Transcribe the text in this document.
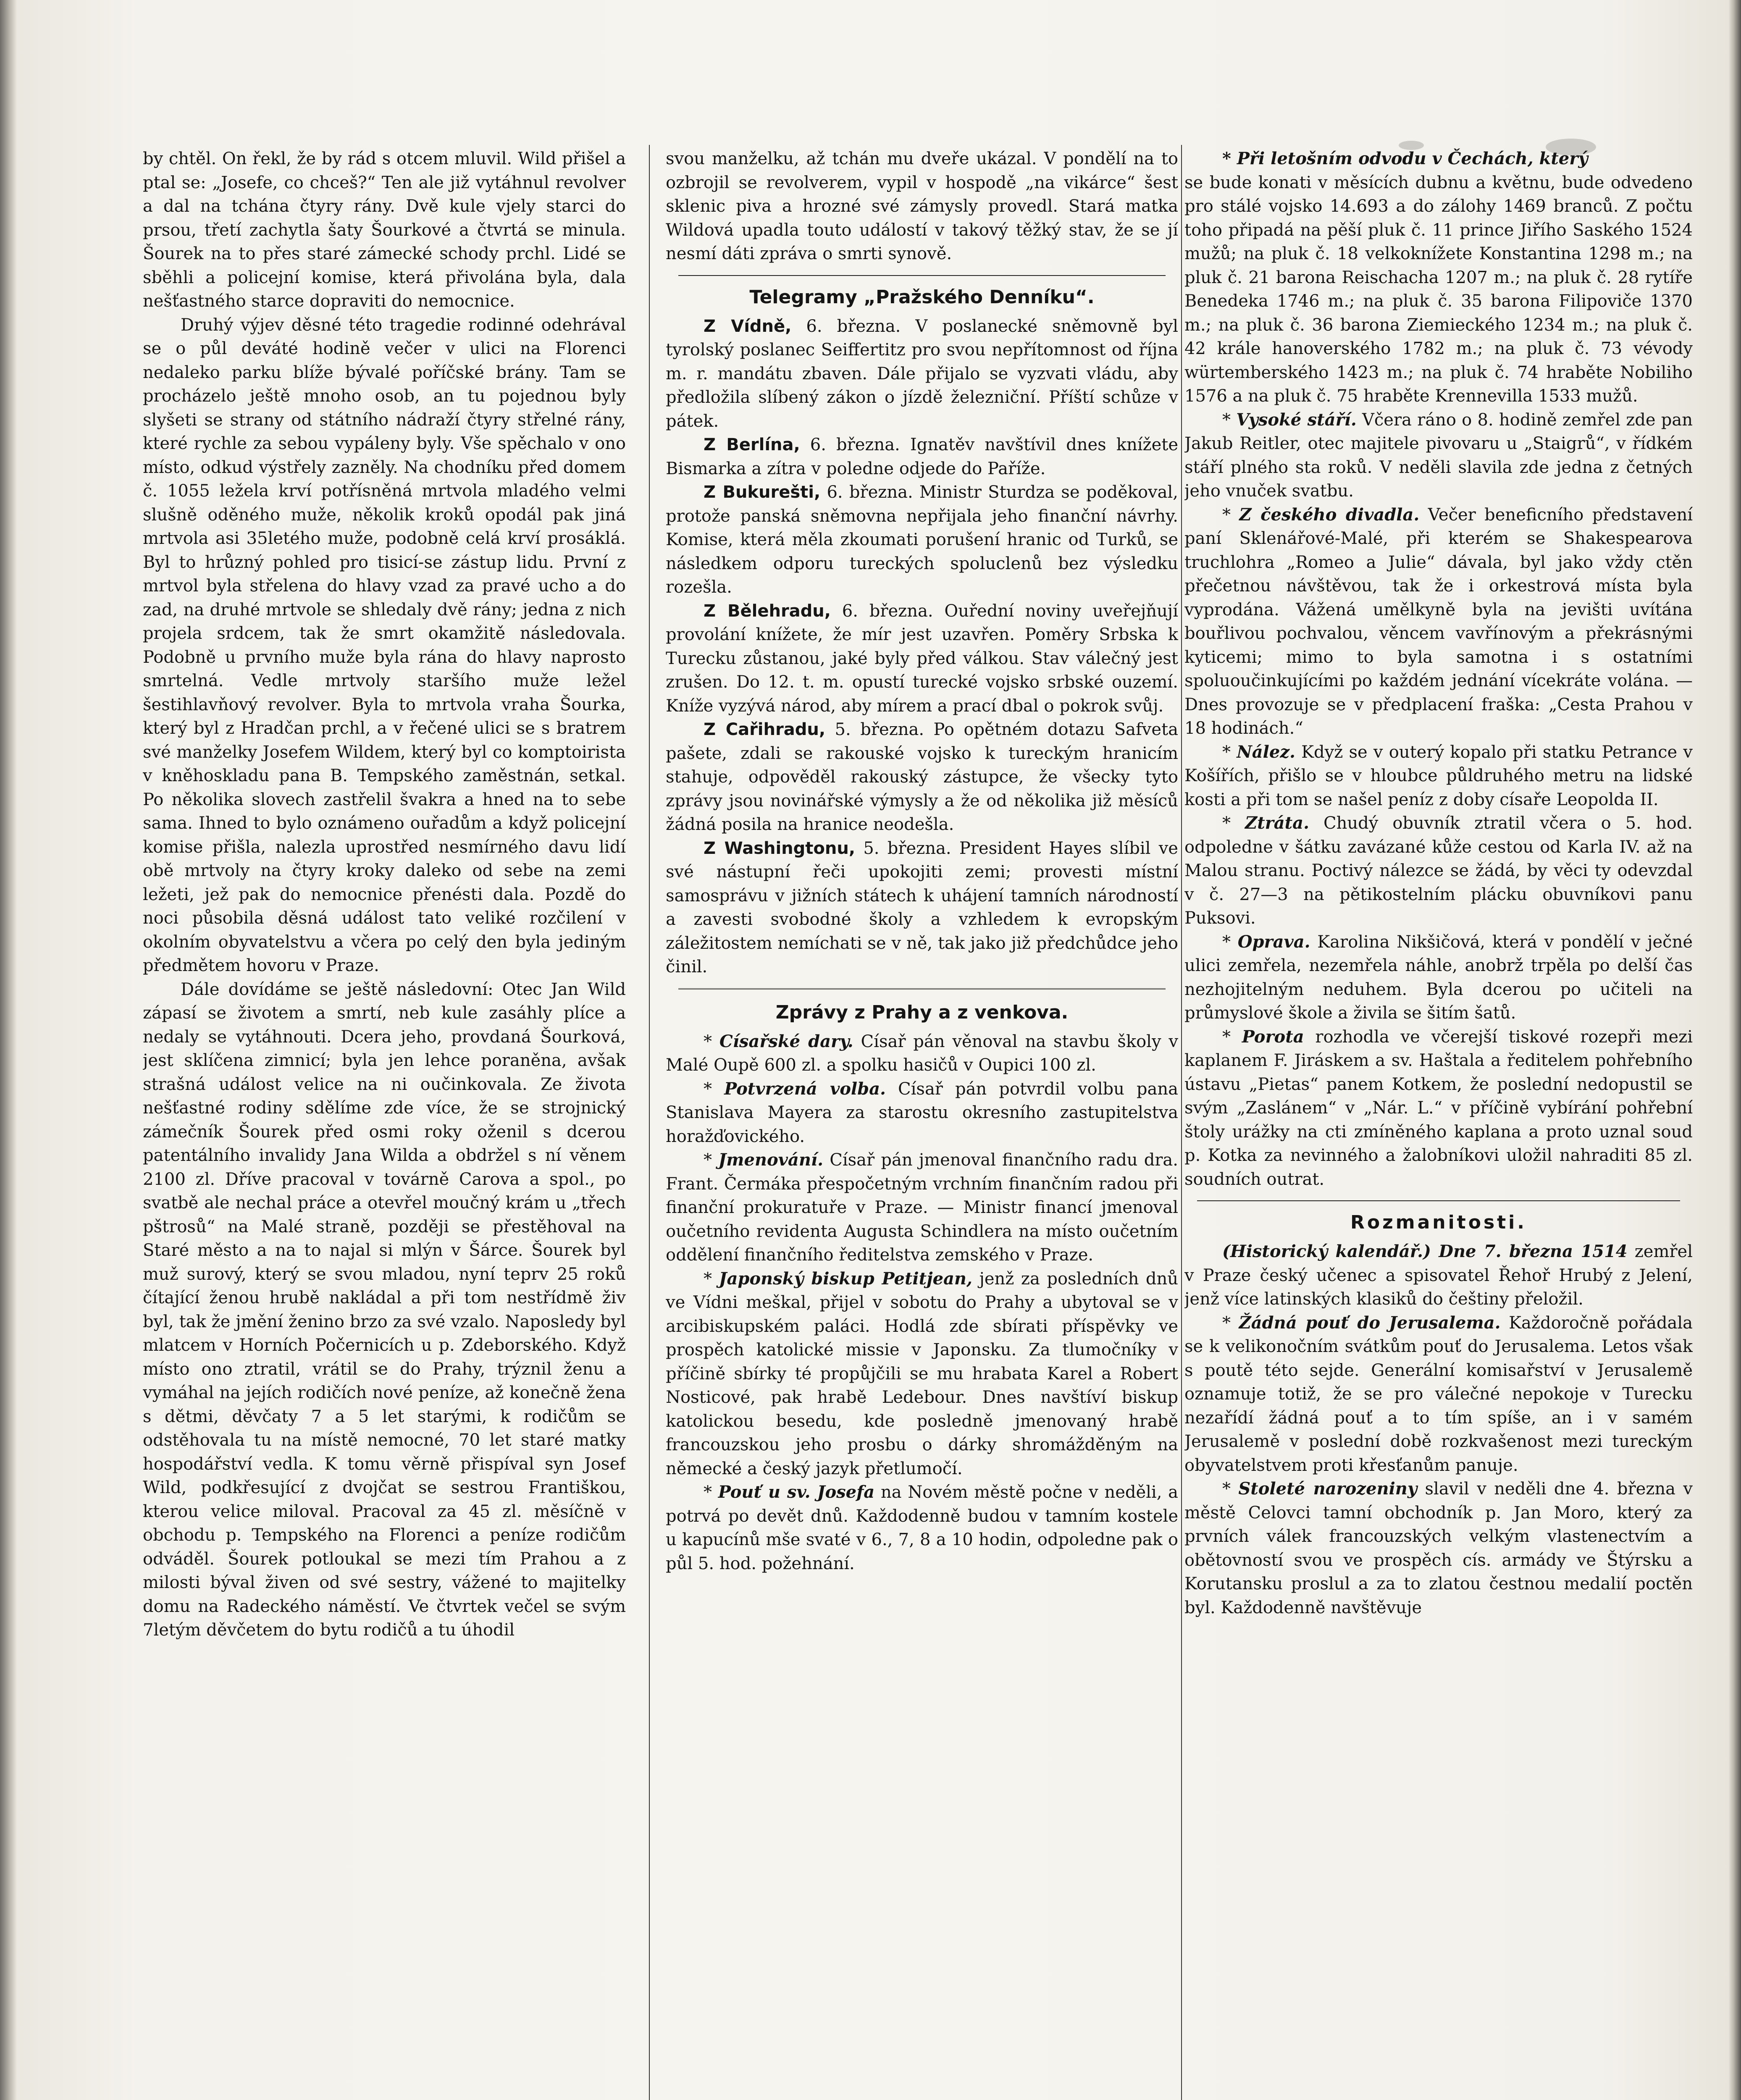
by chtěl. On řekl, že by rád s otcem mluvil. Wild přišel a ptal se: „Josefe, co chceš?“ Ten ale již vytáhnul revolver a dal na tchána čtyry rány. Dvě kule vjely starci do prsou, třetí zachytla šaty Šourkové a čtvrtá se minula. Šourek na to přes staré zámecké schody prchl. Lidé se sběhli a policejní komise, která přivolána byla, dala nešťastného starce dopraviti do nemocnice.

Druhý výjev děsné této tragedie rodinné odehrával se o půl deváté hodině večer v ulici na Florenci nedaleko parku blíže bývalé poříčské brány. Tam se procházelo ještě mnoho osob, an tu pojednou byly slyšeti se strany od státního nádraží čtyry střelné rány, které rychle za sebou vypáleny byly. Vše spěchalo v ono místo, odkud výstřely zazněly. Na chodníku před domem č. 1055 ležela krví potřísněná mrtvola mladého velmi slušně oděného muže, několik kroků opodál pak jiná mrtvola asi 35letého muže, podobně celá krví prosáklá. Byl to hrůzný pohled pro tisicí-se zástup lidu. První z mrtvol byla střelena do hlavy vzad za pravé ucho a do zad, na druhé mrtvole se shledaly dvě rány; jedna z nich projela srdcem, tak že smrt okamžitě následovala. Podobně u prvního muže byla rána do hlavy naprosto smrtelná. Vedle mrtvoly staršího muže ležel šestihlavňový revolver. Byla to mrtvola vraha Šourka, který byl z Hradčan prchl, a v řečené ulici se s bratrem své manželky Josefem Wildem, který byl co komptoirista v kněhoskladu pana B. Tempského zaměstnán, setkal. Po několika slovech zastřelil švakra a hned na to sebe sama. Ihned to bylo oznámeno ouřadům a když policejní komise přišla, nalezla uprostřed nesmírného davu lidí obě mrtvoly na čtyry kroky daleko od sebe na zemi ležeti, jež pak do nemocnice přenésti dala. Pozdě do noci působila děsná událost tato veliké rozčilení v okolním obyvatelstvu a včera po celý den byla jediným předmětem hovoru v Praze.

Dále dovídáme se ještě následovní: Otec Jan Wild zápasí se životem a smrtí, neb kule zasáhly plíce a nedaly se vytáhnouti. Dcera jeho, provdaná Šourková, jest sklíčena zimnicí; byla jen lehce poraněna, avšak strašná událost velice na ni oučinkovala. Ze života nešťastné rodiny sdělíme zde více, že se strojnický zámečník Šourek před osmi roky oženil s dcerou patentálního invalidy Jana Wilda a obdržel s ní věnem 2100 zl. Dříve pracoval v továrně Carova a spol., po svatbě ale nechal práce a otevřel moučný krám u „třech pštrosů“ na Malé straně, později se přestěhoval na Staré město a na to najal si mlýn v Šárce. Šourek byl muž surový, který se svou mladou, nyní teprv 25 roků čítající ženou hrubě nakládal a při tom nestřídmě živ byl, tak že jmění ženino brzo za své vzalo. Naposledy byl mlatcem v Horních Počernicích u p. Zdeborského. Když místo ono ztratil, vrátil se do Prahy, trýznil ženu a vymáhal na jejích rodičích nové peníze, až konečně žena s dětmi, děvčaty 7 a 5 let starými, k rodičům se odstěhovala tu na místě nemocné, 70 let staré matky hospodářství vedla. K tomu věrně přispíval syn Josef Wild, podkřesující z dvojčat se sestrou Františkou, kterou velice miloval. Pracoval za 45 zl. měsíčně v obchodu p. Tempského na Florenci a peníze rodičům odváděl. Šourek potloukal se mezi tím Prahou a z milosti býval živen od své sestry, vážené to majitelky domu na Radeckého náměstí. Ve čtvrtek večel se svým 7letým děvčetem do bytu rodičů a tu úhodil

svou manželku, až tchán mu dveře ukázal. V pondělí na to ozbrojil se revolverem, vypil v hospodě „na vikárce“ šest sklenic piva a hrozné své zámysly provedl. Stará matka Wildová upadla touto událostí v takový těžký stav, že se jí nesmí dáti zpráva o smrti synově.

Telegramy „Pražského Denníku“.

Z Vídně, 6. března. V poslanecké sněmovně byl tyrolský poslanec Seiffertitz pro svou nepřítomnost od října m. r. mandátu zbaven. Dále přijalo se vyzvati vládu, aby předložila slíbený zákon o jízdě železniční. Příští schůze v pátek.

Z Berlína, 6. března. Ignatěv navštívil dnes knížete Bismarka a zítra v poledne odjede do Paříže.

Z Bukurešti, 6. března. Ministr Sturdza se poděkoval, protože panská sněmovna nepřijala jeho finanční návrhy. Komise, která měla zkoumati porušení hranic od Turků, se následkem odporu tureckých spoluclenů bez výsledku rozešla.

Z Bělehradu, 6. března. Ouřední noviny uveřejňují provolání knížete, že mír jest uzavřen. Poměry Srbska k Turecku zůstanou, jaké byly před válkou. Stav válečný jest zrušen. Do 12. t. m. opustí turecké vojsko srbské ouzemí. Kníže vyzývá národ, aby mírem a prací dbal o pokrok svůj.

Z Cařihradu, 5. března. Po opětném dotazu Safveta pašete, zdali se rakouské vojsko k tureckým hranicím stahuje, odpověděl rakouský zástupce, že všecky tyto zprávy jsou novinářské výmysly a že od několika již měsíců žádná posila na hranice neodešla.

Z Washingtonu, 5. března. President Hayes slíbil ve své nástupní řeči upokojiti zemi; provesti místní samosprávu v jižních státech k uhájení tamních národností a zavesti svobodné školy a vzhledem k evropským záležitostem nemíchati se v ně, tak jako již předchůdce jeho činil.

Zprávy z Prahy a z venkova.

* Císařské dary. Císař pán věnoval na stavbu školy v Malé Oupě 600 zl. a spolku hasičů v Oupici 100 zl.

* Potvrzená volba. Císař pán potvrdil volbu pana Stanislava Mayera za starostu okresního zastupitelstva horažďovického.

* Jmenování. Císař pán jmenoval finančního radu dra. Frant. Čermáka přespočetným vrchním finančním radou při finanční prokuratuře v Praze. — Ministr financí jmenoval oučetního revidenta Augusta Schindlera na místo oučetním oddělení finančního ředitelstva zemského v Praze.

* Japonský biskup Petitjean, jenž za posledních dnů ve Vídni meškal, přijel v sobotu do Prahy a ubytoval se v arcibiskupském paláci. Hodlá zde sbírati příspěvky ve prospěch katolické missie v Japonsku. Za tlumočníky v příčině sbírky té propůjčili se mu hrabata Karel a Robert Nosticové, pak hrabě Ledebour. Dnes navštíví biskup katolickou besedu, kde posledně jmenovaný hrabě francouzskou jeho prosbu o dárky shromážděným na německé a český jazyk přetlumočí.

* Pouť u sv. Josefa na Novém městě počne v neděli, a potrvá po devět dnů. Každodenně budou v tamním kostele u kapucínů mše svaté v 6., 7, 8 a 10 hodin, odpoledne pak o půl 5. hod. požehnání.

* Při letošním odvodu v Čechách, který

se bude konati v měsících dubnu a květnu, bude odvedeno pro stálé vojsko 14.693 a do zálohy 1469 branců. Z počtu toho připadá na pěší pluk č. 11 prince Jiřího Saského 1524 mužů; na pluk č. 18 velkoknížete Konstantina 1298 m.; na pluk č. 21 barona Reischacha 1207 m.; na pluk č. 28 rytíře Benedeka 1746 m.; na pluk č. 35 barona Filipoviče 1370 m.; na pluk č. 36 barona Ziemieckého 1234 m.; na pluk č. 42 krále hanoverského 1782 m.; na pluk č. 73 vévody würtemberského 1423 m.; na pluk č. 74 hraběte Nobiliho 1576 a na pluk č. 75 hraběte Krennevilla 1533 mužů.

* Vysoké stáří. Včera ráno o 8. hodině zemřel zde pan Jakub Reitler, otec majitele pivovaru u „Staigrů“, v řídkém stáří plného sta roků. V neděli slavila zde jedna z četných jeho vnuček svatbu.

* Z českého divadla. Večer beneficního představení paní Sklenářové-Malé, při kterém se Shakespearova truchlohra „Romeo a Julie“ dávala, byl jako vždy ctěn přečetnou návštěvou, tak že i orkestrová místa byla vyprodána. Vážená umělkyně byla na jevišti uvítána bouřlivou pochvalou, věncem vavřínovým a překrásnými kyticemi; mimo to byla samotna i s ostatními spoluoučinkujícími po každém jednání vícekráte volána. — Dnes provozuje se v předplacení fraška: „Cesta Prahou v 18 hodinách.“

* Nález. Když se v outerý kopalo při statku Petrance v Košířích, přišlo se v hloubce půldruhého metru na lidské kosti a při tom se našel peníz z doby císaře Leopolda II.

* Ztráta. Chudý obuvník ztratil včera o 5. hod. odpoledne v šátku zavázané kůže cestou od Karla IV. až na Malou stranu. Poctivý nálezce se žádá, by věci ty odevzdal v č. 27—3 na pětikostelním plácku obuvníkovi panu Puksovi.

* Oprava. Karolina Nikšičová, která v pondělí v ječné ulici zemřela, nezemřela náhle, anobrž trpěla po delší čas nezhojitelným neduhem. Byla dcerou po učiteli na průmyslové škole a živila se šitím šatů.

* Porota rozhodla ve včerejší tiskové rozepři mezi kaplanem F. Jiráskem a sv. Haštala a ředitelem pohřebního ústavu „Pietas“ panem Kotkem, že poslední nedopustil se svým „Zaslánem“ v „Nár. L.“ v příčině vybírání pohřební štoly urážky na cti zmíněného kaplana a proto uznal soud p. Kotka za nevinného a žalobníkovi uložil nahraditi 85 zl. soudních outrat.

Rozmanitosti.

(Historický kalendář.) Dne 7. března 1514 zemřel v Praze český učenec a spisovatel Řehoř Hrubý z Jelení, jenž více latinských klasiků do češtiny přeložil.

* Žádná pouť do Jerusalema. Každoročně pořádala se k velikonočním svátkům pouť do Jerusalema. Letos však s poutě této sejde. Generální komisařství v Jerusalemě oznamuje totiž, že se pro válečné nepokoje v Turecku nezařídí žádná pouť a to tím spíše, an i v samém Jerusalemě v poslední době rozkvašenost mezi tureckým obyvatelstvem proti křesťanům panuje.

* Stoleté narozeniny slavil v neděli dne 4. března v městě Celovci tamní obchodník p. Jan Moro, který za prvních válek francouzských velkým vlastenectvím a obětovností svou ve prospěch cís. armády ve Štýrsku a Korutansku proslul a za to zlatou čestnou medalií poctěn byl. Každodenně navštěvuje
